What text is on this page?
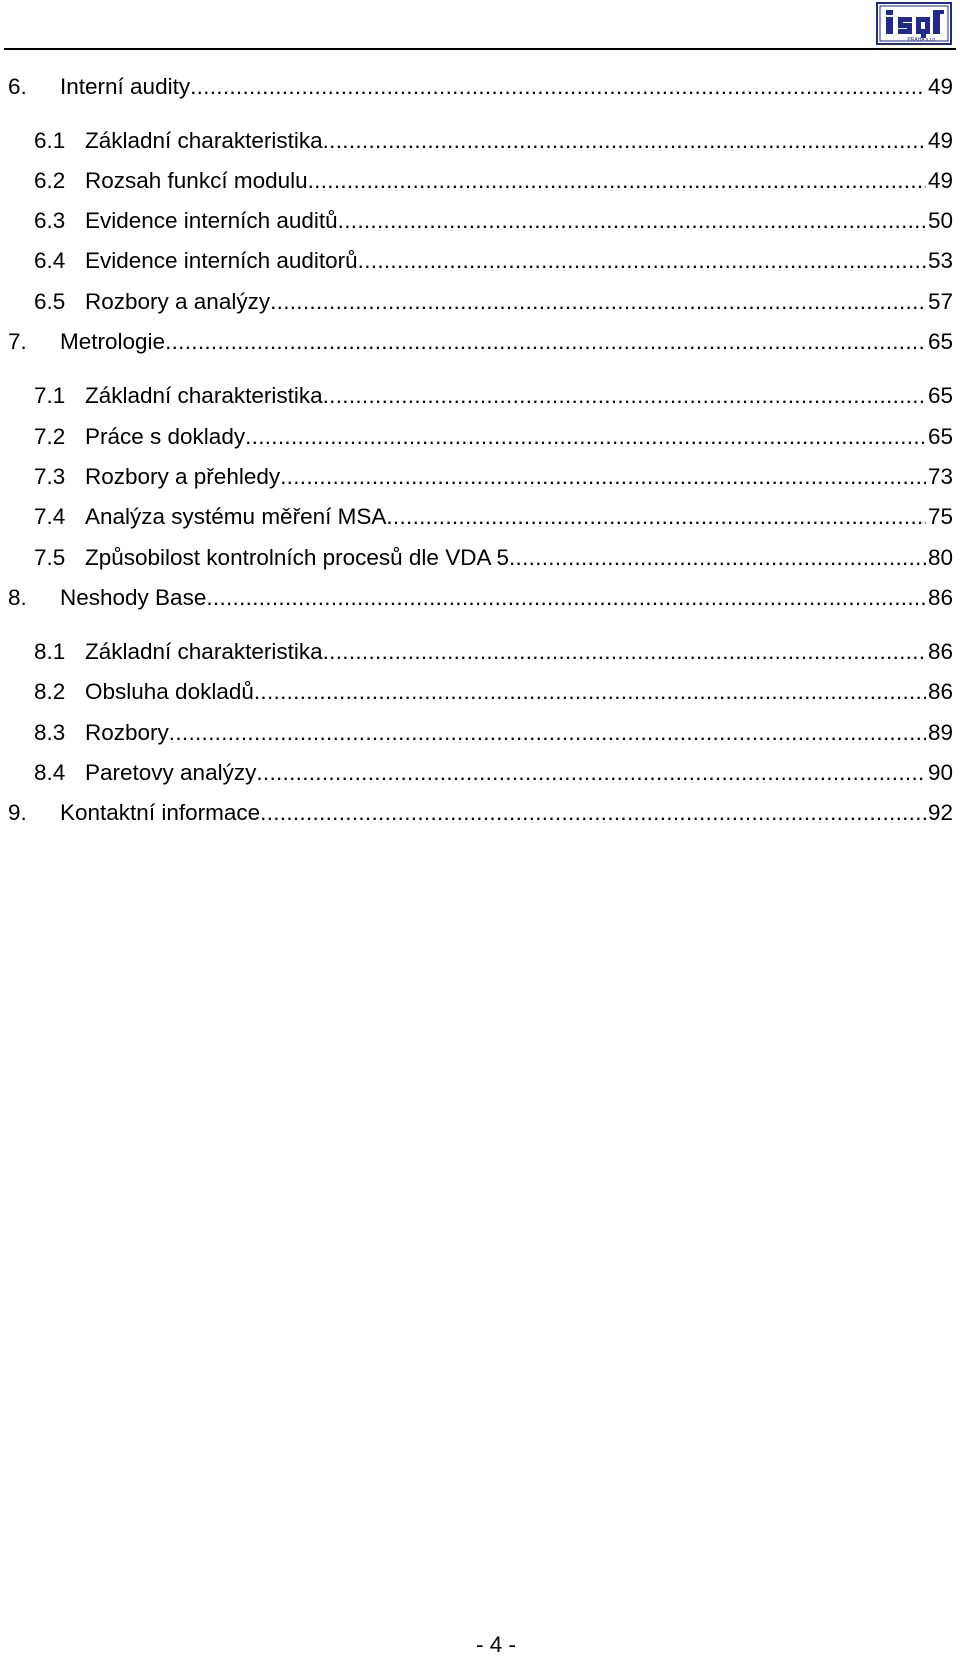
PRAHA s.r.o.
6.	Interní audity .....	49
6.1 Základní charakteristika .....	49
6.2 Rozsah funkcí modulu .....	49
6.3 Evidence interních auditů .....	50
6.4 Evidence interních auditorů .....	53
6.5 Rozbory a analýzy .....	57
7.	Metrologie .....	65
7.1 Základní charakteristika .....	65
7.2 Práce s doklady .....	65
7.3 Rozbory a přehledy .....	73
7.4 Analýza systému měření MSA .....	75
7.5 Způsobilost kontrolních procesů dle VDA 5 .....	80
8.	Neshody Base .....	86
8.1 Základní charakteristika .....	86
8.2 Obsluha dokladů .....	86
8.3 Rozbory .....	89
8.4 Paretovy analýzy .....	90
9.	Kontaktní informace .....	92
- 4 -
